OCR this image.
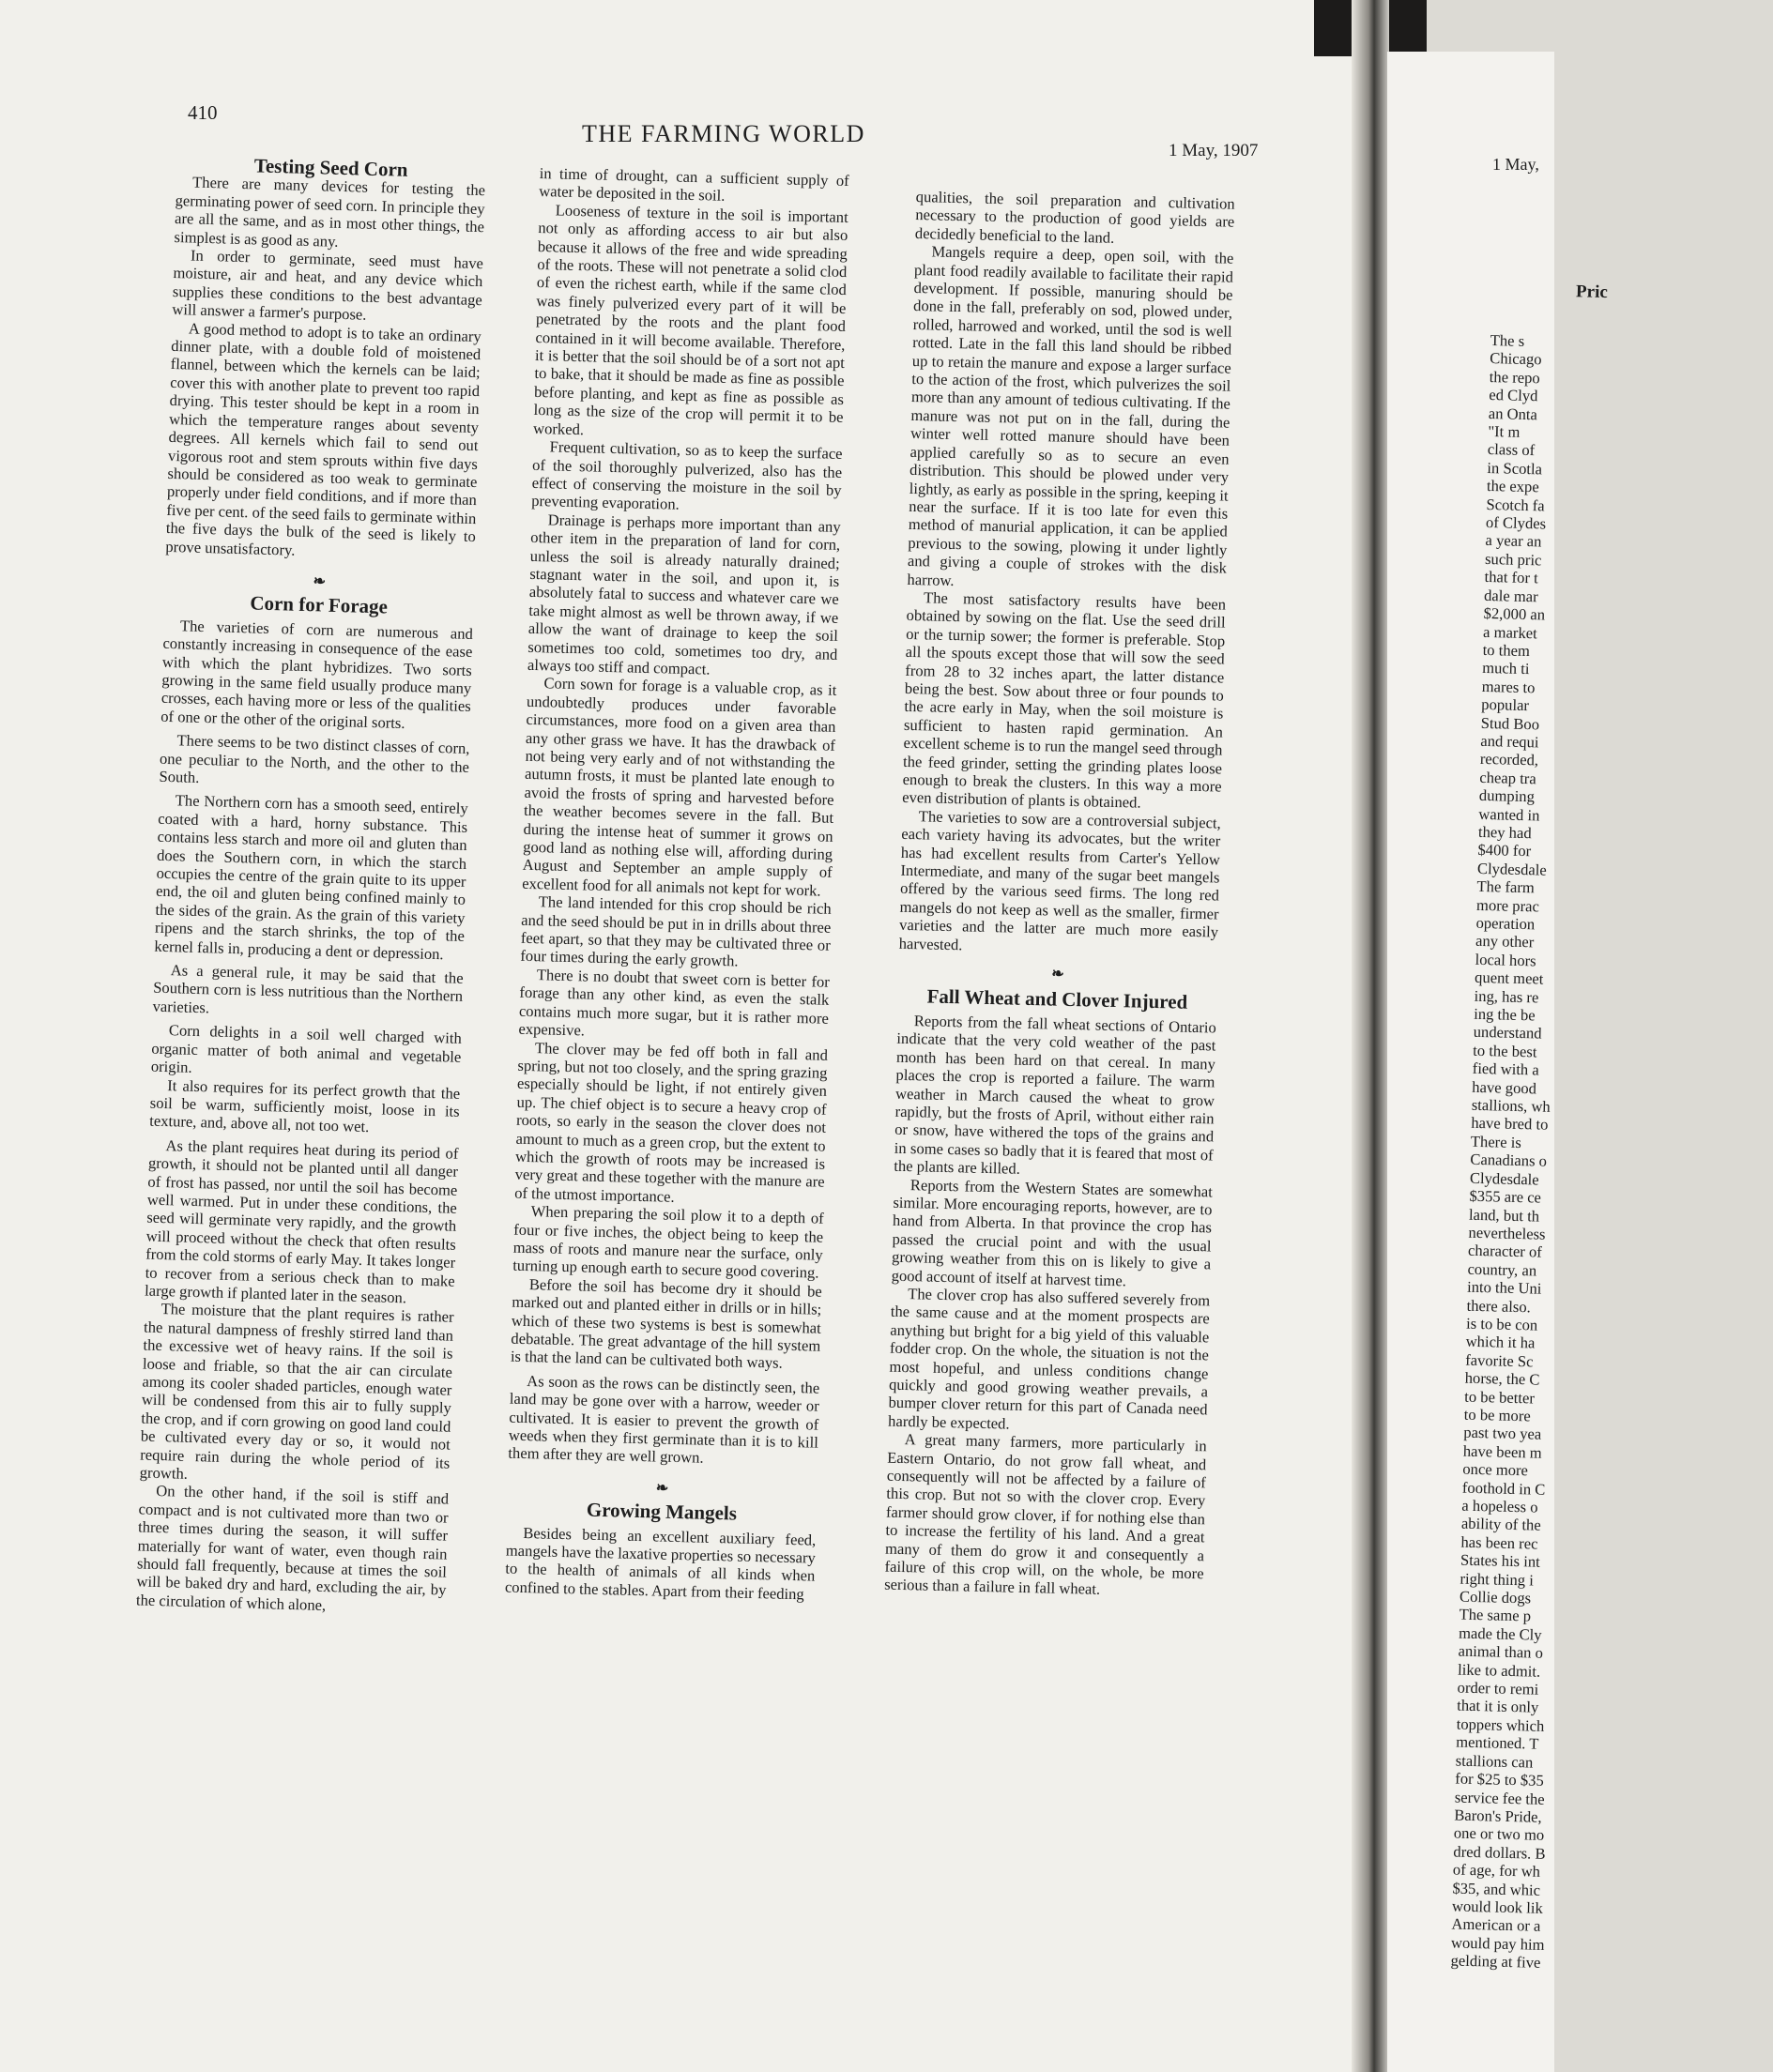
410
THE FARMING WORLD
1 May, 1907
Testing Seed Corn

There are many devices for testing the germinating power of seed corn. In principle they are all the same, and as in most other things, the simplest is as good as any.

In order to germinate, seed must have moisture, air and heat, and any device which supplies these conditions to the best advantage will answer a farmer's purpose.

A good method to adopt is to take an ordinary dinner plate, with a double fold of moistened flannel, between which the kernels can be laid; cover this with another plate to prevent too rapid drying. This tester should be kept in a room in which the temperature ranges about seventy degrees. All kernels which fail to send out vigorous root and stem sprouts within five days should be considered as too weak to germinate properly under field conditions, and if more than five per cent. of the seed fails to germinate within the five days the bulk of the seed is likely to prove unsatisfactory.

❧
Corn for Forage

The varieties of corn are numerous and constantly increasing in consequence of the ease with which the plant hybridizes. Two sorts growing in the same field usually produce many crosses, each having more or less of the qualities of one or the other of the original sorts.

There seems to be two distinct classes of corn, one peculiar to the North, and the other to the South.

The Northern corn has a smooth seed, entirely coated with a hard, horny substance. This contains less starch and more oil and gluten than does the Southern corn, in which the starch occupies the centre of the grain quite to its upper end, the oil and gluten being confined mainly to the sides of the grain. As the grain of this variety ripens and the starch shrinks, the top of the kernel falls in, producing a dent or depression.

As a general rule, it may be said that the Southern corn is less nutritious than the Northern varieties.

Corn delights in a soil well charged with organic matter of both animal and vegetable origin.

It also requires for its perfect growth that the soil be warm, sufficiently moist, loose in its texture, and, above all, not too wet.

As the plant requires heat during its period of growth, it should not be planted until all danger of frost has passed, nor until the soil has become well warmed. Put in under these conditions, the seed will germinate very rapidly, and the growth will proceed without the check that often results from the cold storms of early May. It takes longer to recover from a serious check than to make large growth if planted later in the season.

The moisture that the plant requires is rather the natural dampness of freshly stirred land than the excessive wet of heavy rains. If the soil is loose and friable, so that the air can circulate among its cooler shaded particles, enough water will be condensed from this air to fully supply the crop, and if corn growing on good land could be cultivated every day or so, it would not require rain during the whole period of its growth.

On the other hand, if the soil is stiff and compact and is not cultivated more than two or three times during the season, it will suffer materially for want of water, even though rain should fall frequently, because at times the soil will be baked dry and hard, excluding the air, by the circulation of which alone,

in time of drought, can a sufficient supply of water be deposited in the soil.

Looseness of texture in the soil is important not only as affording access to air but also because it allows of the free and wide spreading of the roots. These will not penetrate a solid clod of even the richest earth, while if the same clod was finely pulverized every part of it will be penetrated by the roots and the plant food contained in it will become available. Therefore, it is better that the soil should be of a sort not apt to bake, that it should be made as fine as possible before planting, and kept as fine as possible as long as the size of the crop will permit it to be worked.

Frequent cultivation, so as to keep the surface of the soil thoroughly pulverized, also has the effect of conserving the moisture in the soil by preventing evaporation.

Drainage is perhaps more important than any other item in the preparation of land for corn, unless the soil is already naturally drained; stagnant water in the soil, and upon it, is absolutely fatal to success and whatever care we take might almost as well be thrown away, if we allow the want of drainage to keep the soil sometimes too cold, sometimes too dry, and always too stiff and compact.

Corn sown for forage is a valuable crop, as it undoubtedly produces under favorable circumstances, more food on a given area than any other grass we have. It has the drawback of not being very early and of not withstanding the autumn frosts, it must be planted late enough to avoid the frosts of spring and harvested before the weather becomes severe in the fall. But during the intense heat of summer it grows on good land as nothing else will, affording during August and September an ample supply of excellent food for all animals not kept for work.

The land intended for this crop should be rich and the seed should be put in in drills about three feet apart, so that they may be cultivated three or four times during the early growth.

There is no doubt that sweet corn is better for forage than any other kind, as even the stalk contains much more sugar, but it is rather more expensive.

The clover may be fed off both in fall and spring, but not too closely, and the spring grazing especially should be light, if not entirely given up. The chief object is to secure a heavy crop of roots, so early in the season the clover does not amount to much as a green crop, but the extent to which the growth of roots may be increased is very great and these together with the manure are of the utmost importance.

When preparing the soil plow it to a depth of four or five inches, the object being to keep the mass of roots and manure near the surface, only turning up enough earth to secure good covering.

Before the soil has become dry it should be marked out and planted either in drills or in hills; which of these two systems is best is somewhat debatable. The great advantage of the hill system is that the land can be cultivated both ways.

As soon as the rows can be distinctly seen, the land may be gone over with a harrow, weeder or cultivated. It is easier to prevent the growth of weeds when they first germinate than it is to kill them after they are well grown.

❧
Growing Mangels

Besides being an excellent auxiliary feed, mangels have the laxative properties so necessary to the health of animals of all kinds when confined to the stables. Apart from their feeding

qualities, the soil preparation and cultivation necessary to the production of good yields are decidedly beneficial to the land.

Mangels require a deep, open soil, with the plant food readily available to facilitate their rapid development. If possible, manuring should be done in the fall, preferably on sod, plowed under, rolled, harrowed and worked, until the sod is well rotted. Late in the fall this land should be ribbed up to retain the manure and expose a larger surface to the action of the frost, which pulverizes the soil more than any amount of tedious cultivating. If the manure was not put on in the fall, during the winter well rotted manure should have been applied carefully so as to secure an even distribution. This should be plowed under very lightly, as early as possible in the spring, keeping it near the surface. If it is too late for even this method of manurial application, it can be applied previous to the sowing, plowing it under lightly and giving a couple of strokes with the disk harrow.

The most satisfactory results have been obtained by sowing on the flat. Use the seed drill or the turnip sower; the former is preferable. Stop all the spouts except those that will sow the seed from 28 to 32 inches apart, the latter distance being the best. Sow about three or four pounds to the acre early in May, when the soil moisture is sufficient to hasten rapid germination. An excellent scheme is to run the mangel seed through the feed grinder, setting the grinding plates loose enough to break the clusters. In this way a more even distribution of plants is obtained.

The varieties to sow are a controversial subject, each variety having its advocates, but the writer has had excellent results from Carter's Yellow Intermediate, and many of the sugar beet mangels offered by the various seed firms. The long red mangels do not keep as well as the smaller, firmer varieties and the latter are much more easily harvested.

❧
Fall Wheat and Clover Injured

Reports from the fall wheat sections of Ontario indicate that the very cold weather of the past month has been hard on that cereal. In many places the crop is reported a failure. The warm weather in March caused the wheat to grow rapidly, but the frosts of April, without either rain or snow, have withered the tops of the grains and in some cases so badly that it is feared that most of the plants are killed.

Reports from the Western States are somewhat similar. More encouraging reports, however, are to hand from Alberta. In that province the crop has passed the crucial point and with the usual growing weather from this on is likely to give a good account of itself at harvest time.

The clover crop has also suffered severely from the same cause and at the moment prospects are anything but bright for a big yield of this valuable fodder crop. On the whole, the situation is not the most hopeful, and unless conditions change quickly and good growing weather prevails, a bumper clover return for this part of Canada need hardly be expected.

A great many farmers, more particularly in Eastern Ontario, do not grow fall wheat, and consequently will not be affected by a failure of this crop. But not so with the clover crop. Every farmer should grow clover, if for nothing else than to increase the fertility of his land. And a great many of them do grow it and consequently a failure of this crop will, on the whole, be more serious than a failure in fall wheat.

1 May,
Pric
The s
Chicago
the repo
ed Clyd
an Onta
"It m
class of
in Scotla
the expe
Scotch fa
of Clydes
a year an
such pric
that for t
dale mar
$2,000 an
a market
to them
much ti
mares to
popular
Stud Boo
and requi
recorded,
cheap tra
dumping
wanted in
they had
$400 for
Clydesdale
The farm
more prac
operation
any other
local hors
quent meet
ing, has re
ing the be
understand
to the best
fied with a
have good
stallions, wh
have bred to
There is
Canadians o
Clydesdale
$355 are ce
land, but th
nevertheless
character of
country, an
into the Uni
there also.
is to be con
which it ha
favorite Sc
horse, the C
to be better
to be more
past two yea
have been m
once more
foothold in C
a hopeless o
ability of the
has been rec
States his int
right thing i
Collie dogs
The same p
made the Cly
animal than o
like to admit.
order to remi
that it is only
toppers which
mentioned. T
stallions can
for $25 to $35
service fee the
Baron's Pride,
one or two mo
dred dollars. B
of age, for wh
$35, and whic
would look lik
American or a
would pay him
gelding at five
